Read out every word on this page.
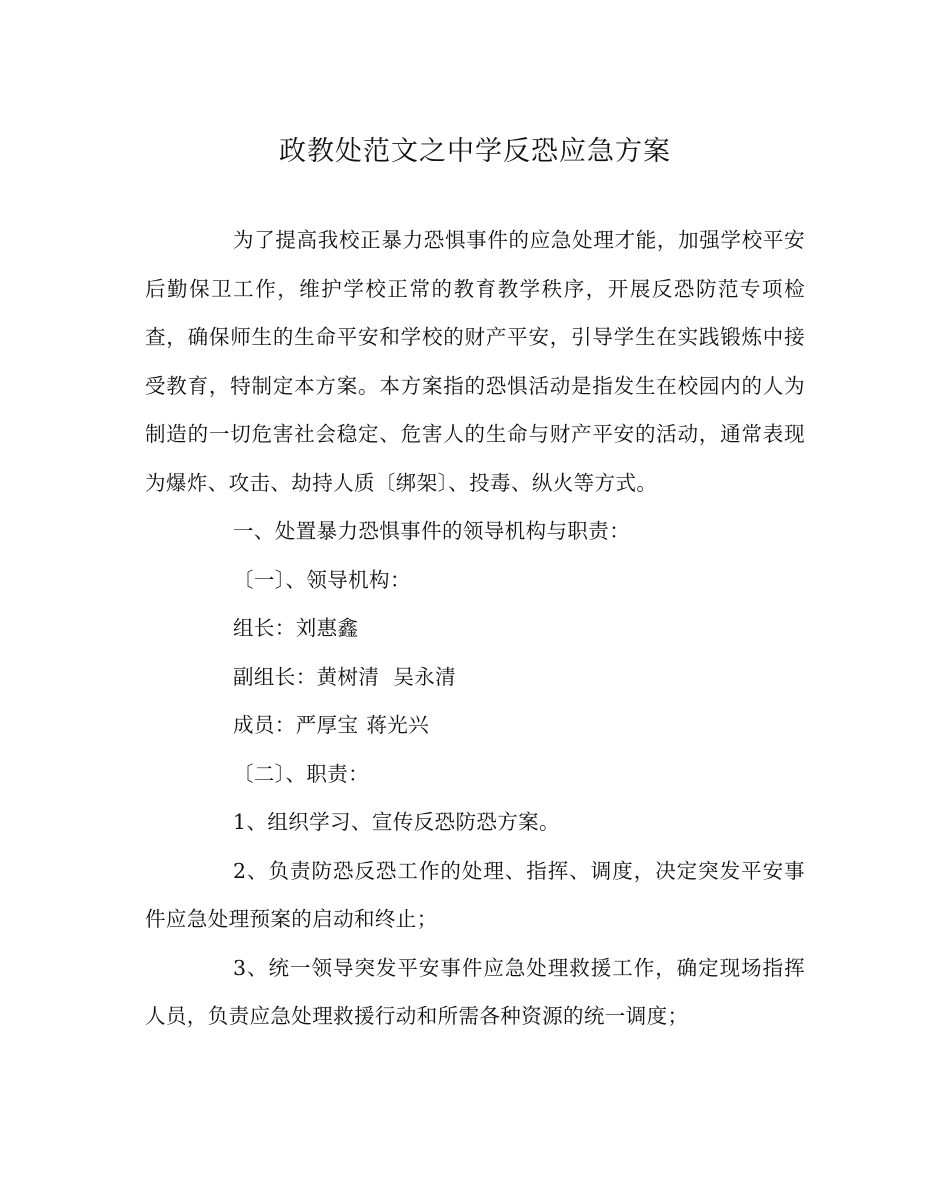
政教处范文之中学反恐应急方案

为了提高我校正暴力恐惧事件的应急处理才能，加强学校平安后勤保卫工作，维护学校正常的教育教学秩序，开展反恐防范专项检查，确保师生的生命平安和学校的财产平安，引导学生在实践锻炼中接受教育，特制定本方案。本方案指的恐惧活动是指发生在校园内的人为制造的一切危害社会稳定、危害人的生命与财产平安的活动，通常表现为爆炸、攻击、劫持人质〔绑架〕、投毒、纵火等方式。

一、处置暴力恐惧事件的领导机构与职责：

〔一〕、领导机构：

组长：刘惠鑫

副组长：黄树清 吴永清

成员：严厚宝 蒋光兴

〔二〕、职责：

1、组织学习、宣传反恐防恐方案。

2、负责防恐反恐工作的处理、指挥、调度，决定突发平安事件应急处理预案的启动和终止；

3、统一领导突发平安事件应急处理救援工作，确定现场指挥人员，负责应急处理救援行动和所需各种资源的统一调度；
